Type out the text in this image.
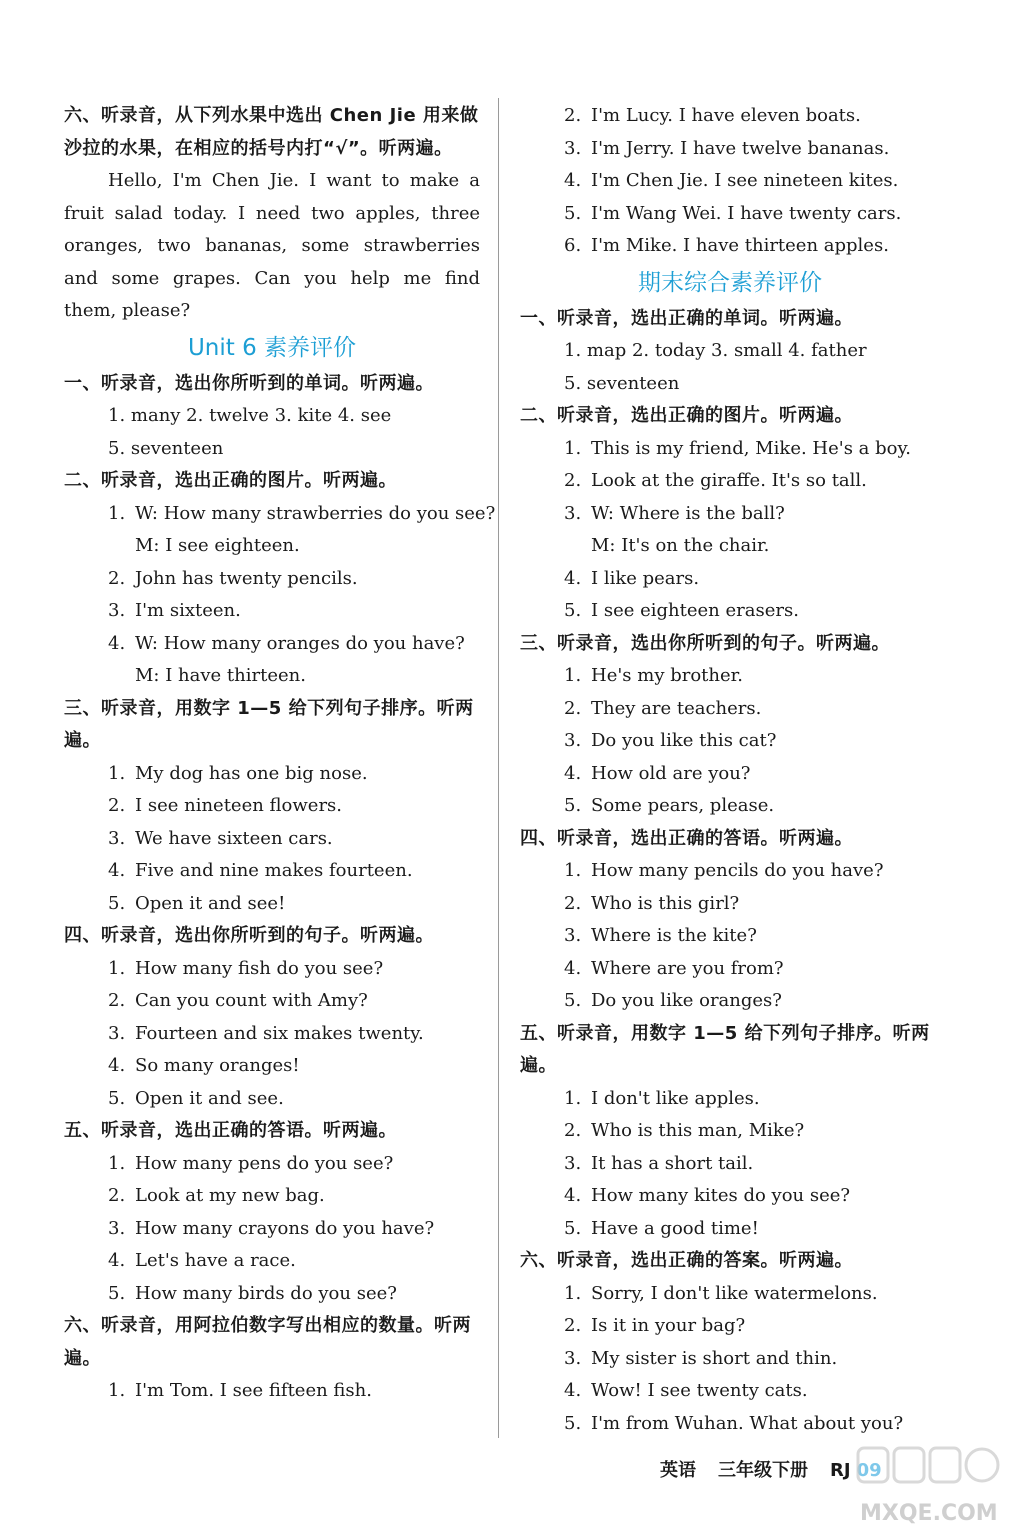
六、听录音，从下列水果中选出 Chen Jie 用来做沙拉的水果，在相应的括号内打“√”。听两遍。
Hello, I'm Chen Jie. I want to make a fruit salad today. I need two apples, three oranges, two bananas, some strawberries and some grapes. Can you help me find them, please?
Unit 6 素养评价
一、听录音，选出你所听到的单词。听两遍。
1. many 2. twelve 3. kite 4. see
5. seventeen
二、听录音，选出正确的图片。听两遍。
1. W: How many strawberries do you see?
M: I see eighteen.
2. John has twenty pencils.
3. I'm sixteen.
4. W: How many oranges do you have?
M: I have thirteen.
三、听录音，用数字 1—5 给下列句子排序。听两遍。
1. My dog has one big nose.
2. I see nineteen flowers.
3. We have sixteen cars.
4. Five and nine makes fourteen.
5. Open it and see!
四、听录音，选出你所听到的句子。听两遍。
1. How many fish do you see?
2. Can you count with Amy?
3. Fourteen and six makes twenty.
4. So many oranges!
5. Open it and see.
五、听录音，选出正确的答语。听两遍。
1. How many pens do you see?
2. Look at my new bag.
3. How many crayons do you have?
4. Let's have a race.
5. How many birds do you see?
六、听录音，用阿拉伯数字写出相应的数量。听两遍。
1. I'm Tom. I see fifteen fish.
2. I'm Lucy. I have eleven boats.
3. I'm Jerry. I have twelve bananas.
4. I'm Chen Jie. I see nineteen kites.
5. I'm Wang Wei. I have twenty cars.
6. I'm Mike. I have thirteen apples.
期末综合素养评价
一、听录音，选出正确的单词。听两遍。
1. map 2. today 3. small 4. father
5. seventeen
二、听录音，选出正确的图片。听两遍。
1. This is my friend, Mike. He's a boy.
2. Look at the giraffe. It's so tall.
3. W: Where is the ball?
M: It's on the chair.
4. I like pears.
5. I see eighteen erasers.
三、听录音，选出你所听到的句子。听两遍。
1. He's my brother.
2. They are teachers.
3. Do you like this cat?
4. How old are you?
5. Some pears, please.
四、听录音，选出正确的答语。听两遍。
1. How many pencils do you have?
2. Who is this girl?
3. Where is the kite?
4. Where are you from?
5. Do you like oranges?
五、听录音，用数字 1—5 给下列句子排序。听两遍。
1. I don't like apples.
2. Who is this man, Mike?
3. It has a short tail.
4. How many kites do you see?
5. Have a good time!
六、听录音，选出正确的答案。听两遍。
1. Sorry, I don't like watermelons.
2. Is it in your bag?
3. My sister is short and thin.
4. Wow! I see twenty cats.
5. I'm from Wuhan. What about you?
英语 三年级下册 RJ 09
MXQE.COM
